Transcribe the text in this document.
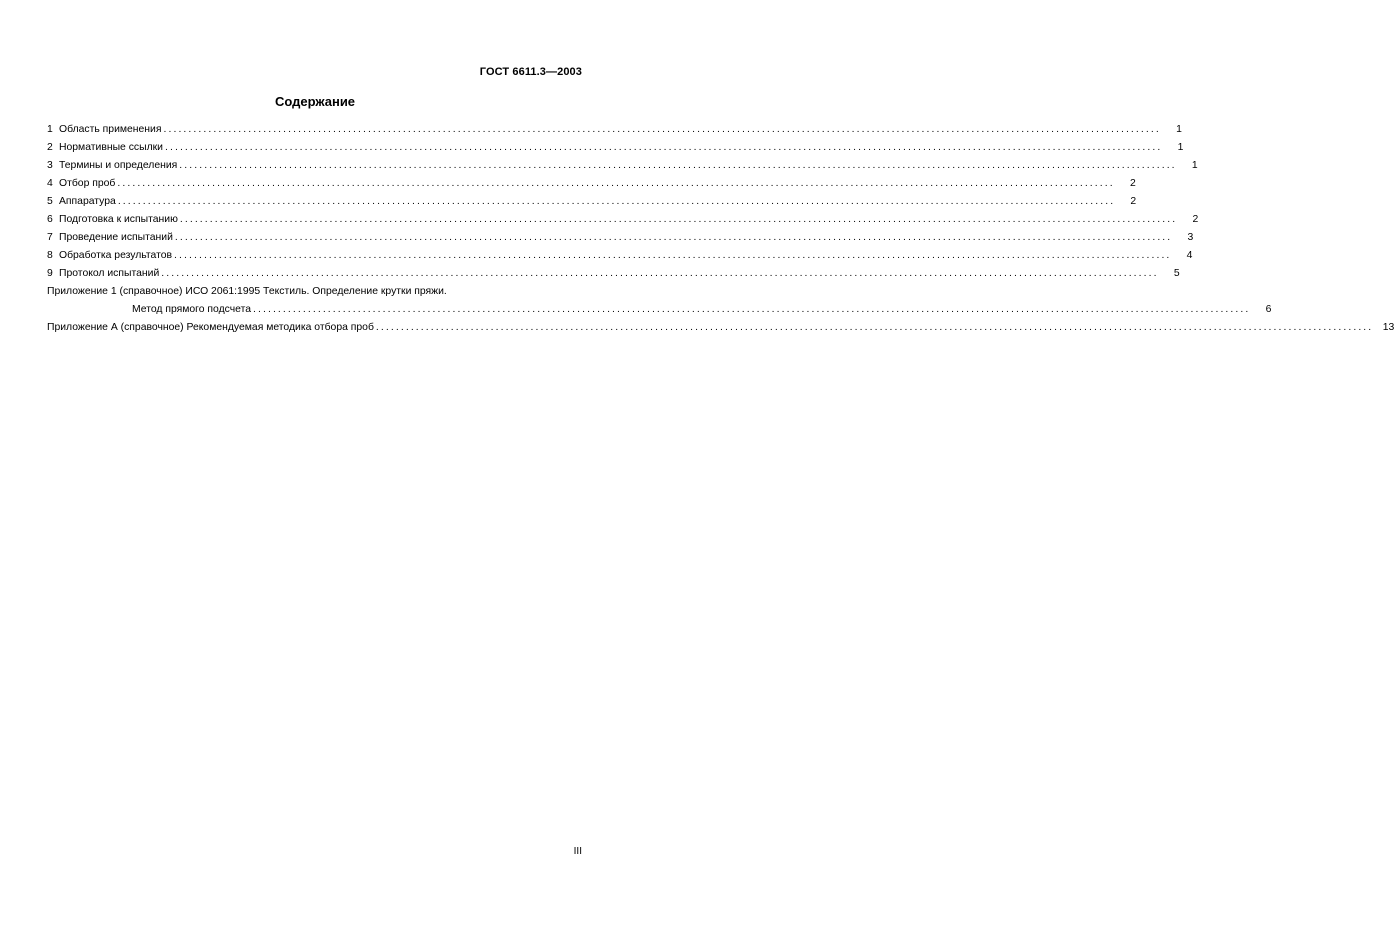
ГОСТ 6611.3—2003
Содержание
1 Область применения ........................................................................................................................................................................................................	1
2 Нормативные ссылки ........................................................................................................................................................................................................	1
3 Термины и определения ........................................................................................................................................................................................................	1
4 Отбор проб ........................................................................................................................................................................................................	2
5 Аппаратура ........................................................................................................................................................................................................	2
6 Подготовка к испытанию ........................................................................................................................................................................................................	2
7 Проведение испытаний ........................................................................................................................................................................................................	3
8 Обработка результатов ........................................................................................................................................................................................................	4
9 Протокол испытаний ........................................................................................................................................................................................................	5
Приложение 1 (справочное) ИСО 2061:1995 Текстиль. Определение крутки пряжи.
Метод прямого подсчета ........................................................................................................................................................................................................	6
Приложение А (справочное) Рекомендуемая методика отбора проб ........................................................................................................................................................................................................ 13
III
